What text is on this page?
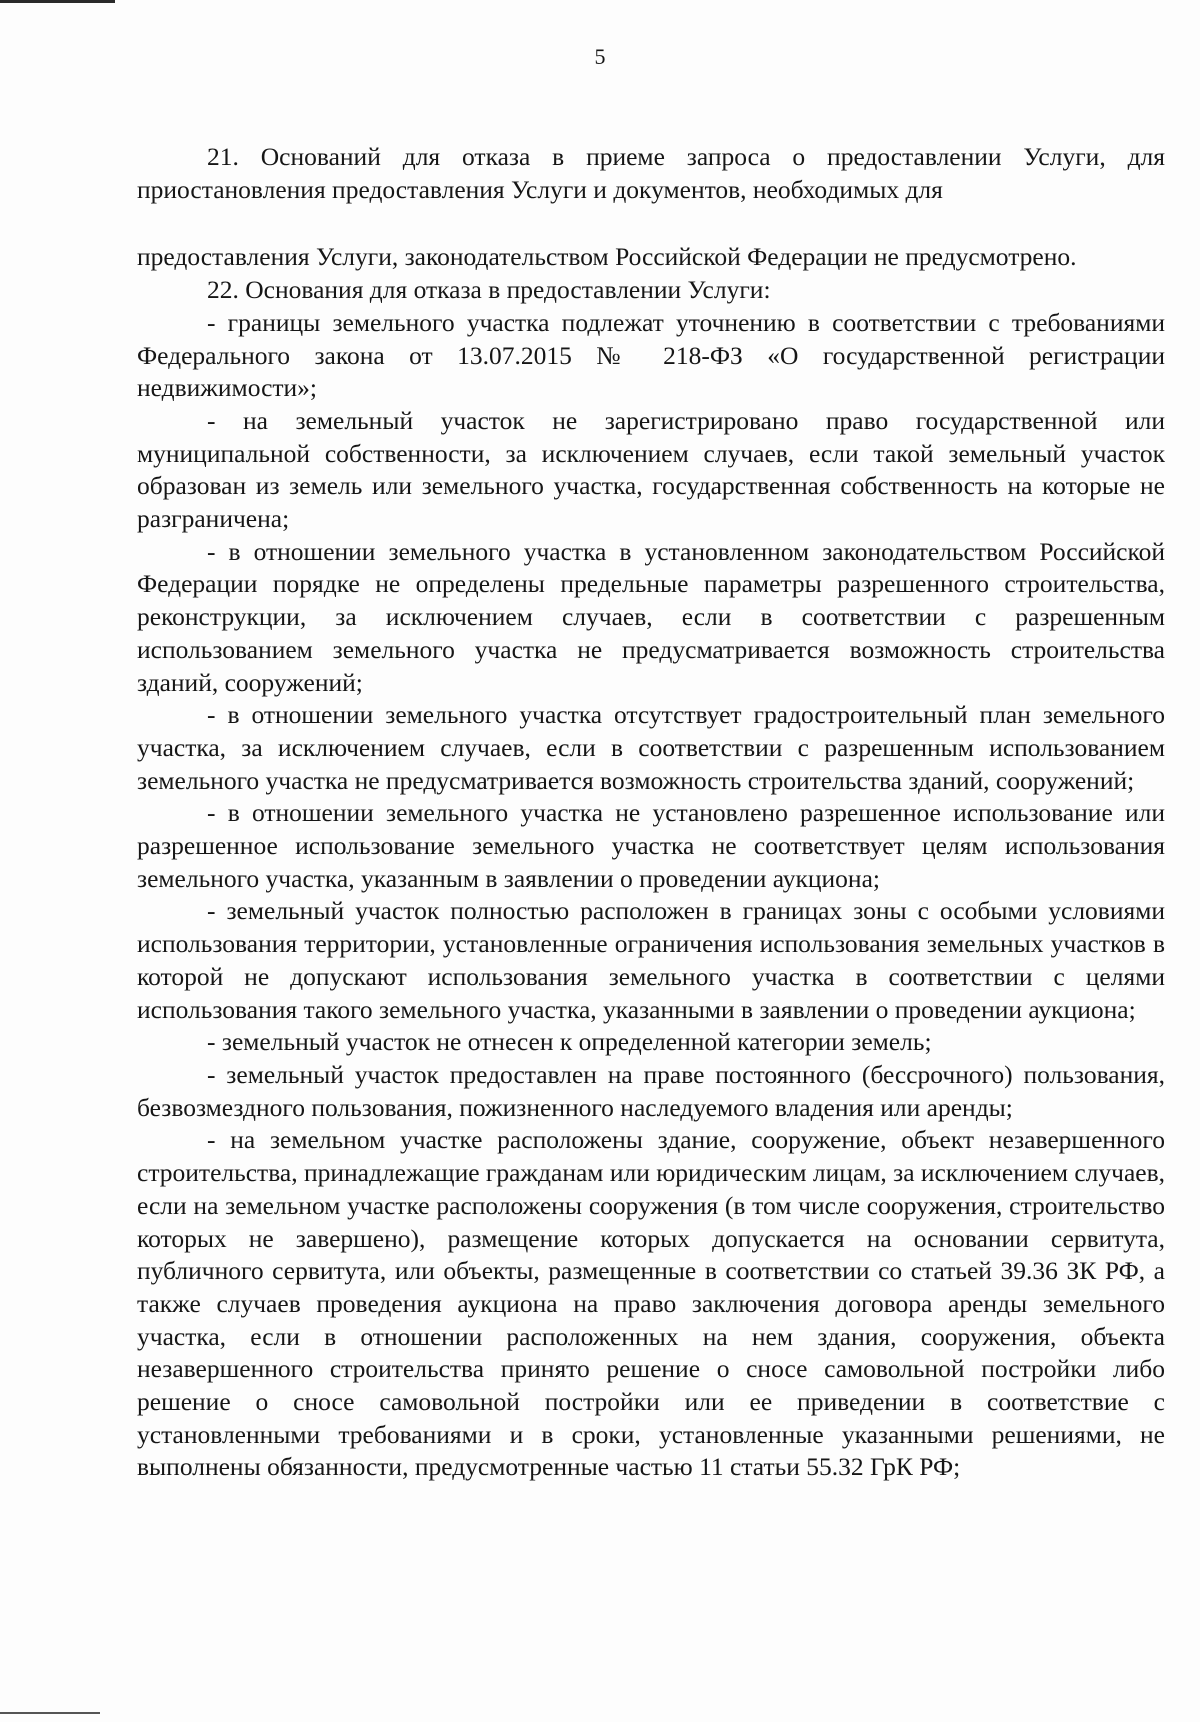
5

21. Оснований для отказа в приеме запроса о предоставлении Услуги, для приостановления предоставления Услуги и документов, необходимых для

предоставления Услуги, законодательством Российской Федерации не предусмотрено.

22. Основания для отказа в предоставлении Услуги:

- границы земельного участка подлежат уточнению в соответствии с требованиями Федерального закона от 13.07.2015 № 218-ФЗ «О государственной регистрации недвижимости»;

- на земельный участок не зарегистрировано право государственной или муниципальной собственности, за исключением случаев, если такой земельный участок образован из земель или земельного участка, государственная собственность на которые не разграничена;

- в отношении земельного участка в установленном законодательством Российской Федерации порядке не определены предельные параметры разрешенного строительства, реконструкции, за исключением случаев, если в соответствии с разрешенным использованием земельного участка не предусматривается возможность строительства зданий, сооружений;

- в отношении земельного участка отсутствует градостроительный план земельного участка, за исключением случаев, если в соответствии с разрешенным использованием земельного участка не предусматривается возможность строительства зданий, сооружений;

- в отношении земельного участка не установлено разрешенное использование или разрешенное использование земельного участка не соответствует целям использования земельного участка, указанным в заявлении о проведении аукциона;

- земельный участок полностью расположен в границах зоны с особыми условиями использования территории, установленные ограничения использования земельных участков в которой не допускают использования земельного участка в соответствии с целями использования такого земельного участка, указанными в заявлении о проведении аукциона;

- земельный участок не отнесен к определенной категории земель;

- земельный участок предоставлен на праве постоянного (бессрочного) пользования, безвозмездного пользования, пожизненного наследуемого владения или аренды;

- на земельном участке расположены здание, сооружение, объект незавершенного строительства, принадлежащие гражданам или юридическим лицам, за исключением случаев, если на земельном участке расположены сооружения (в том числе сооружения, строительство которых не завершено), размещение которых допускается на основании сервитута, публичного сервитута, или объекты, размещенные в соответствии со статьей 39.36 ЗК РФ, а также случаев проведения аукциона на право заключения договора аренды земельного участка, если в отношении расположенных на нем здания, сооружения, объекта незавершенного строительства принято решение о сносе самовольной постройки либо решение о сносе самовольной постройки или ее приведении в соответствие с установленными требованиями и в сроки, установленные указанными решениями, не выполнены обязанности, предусмотренные частью 11 статьи 55.32 ГрК РФ;
